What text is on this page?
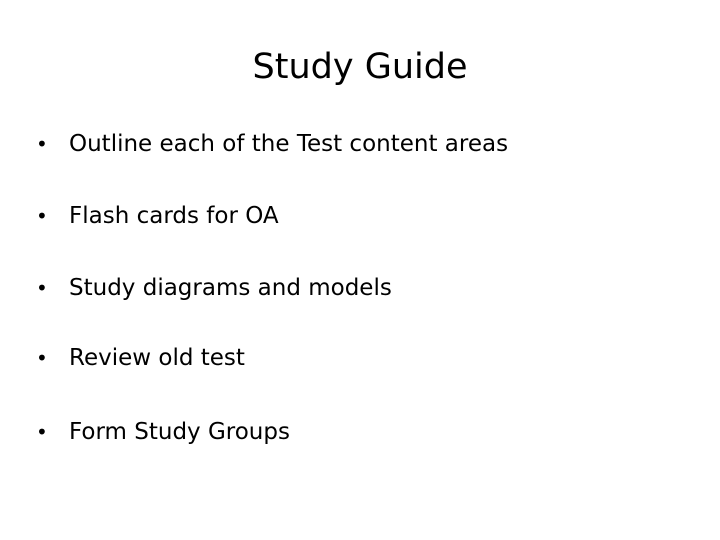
Study Guide
• Outline each of the Test content areas
• Flash cards for OA
• Study diagrams and models
• Review old test
• Form Study Groups
